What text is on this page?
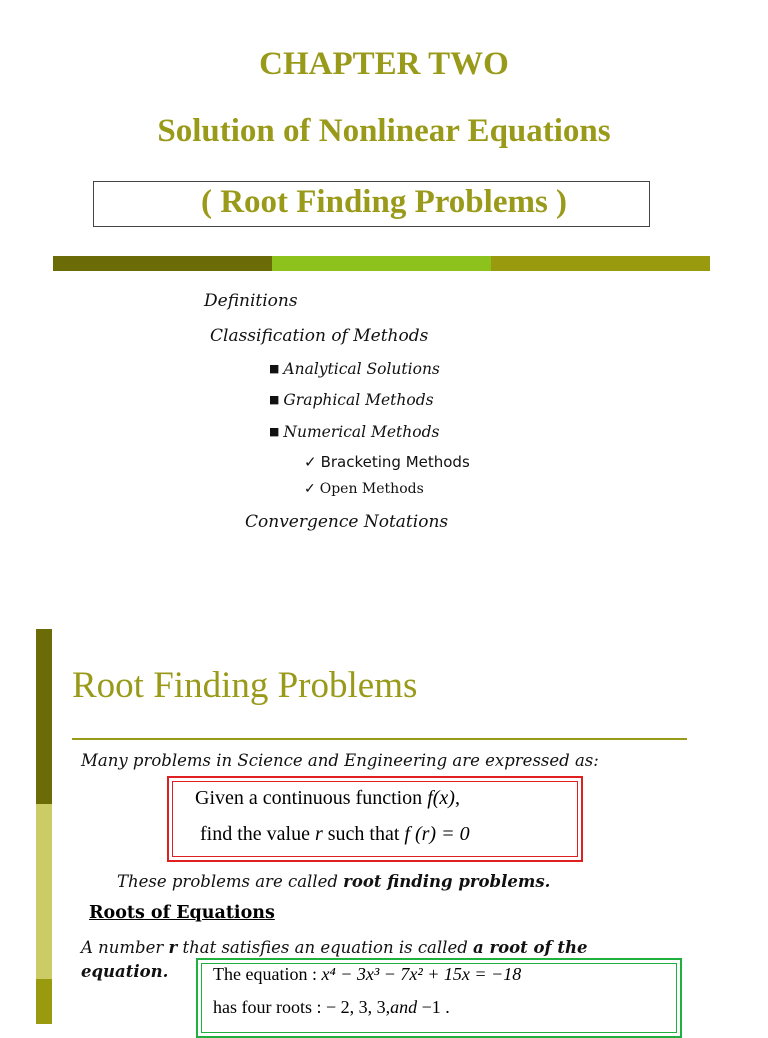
CHAPTER TWO
Solution of Nonlinear Equations
( Root Finding Problems )
Definitions
Classification of Methods
■ Analytical Solutions
■ Graphical Methods
■ Numerical Methods
✓ Bracketing Methods
✓ Open Methods
Convergence Notations
Root Finding Problems
Many problems in Science and Engineering are expressed as:
Given a continuous function f(x),
find the value r such that f (r) = 0
These problems are called root finding problems.
Roots of Equations
A number r that satisfies an equation is called a root of the equation.	The equation : x⁴ − 3x³ − 7x² + 15x = −18
has four roots : − 2, 3, 3,and −1 .
